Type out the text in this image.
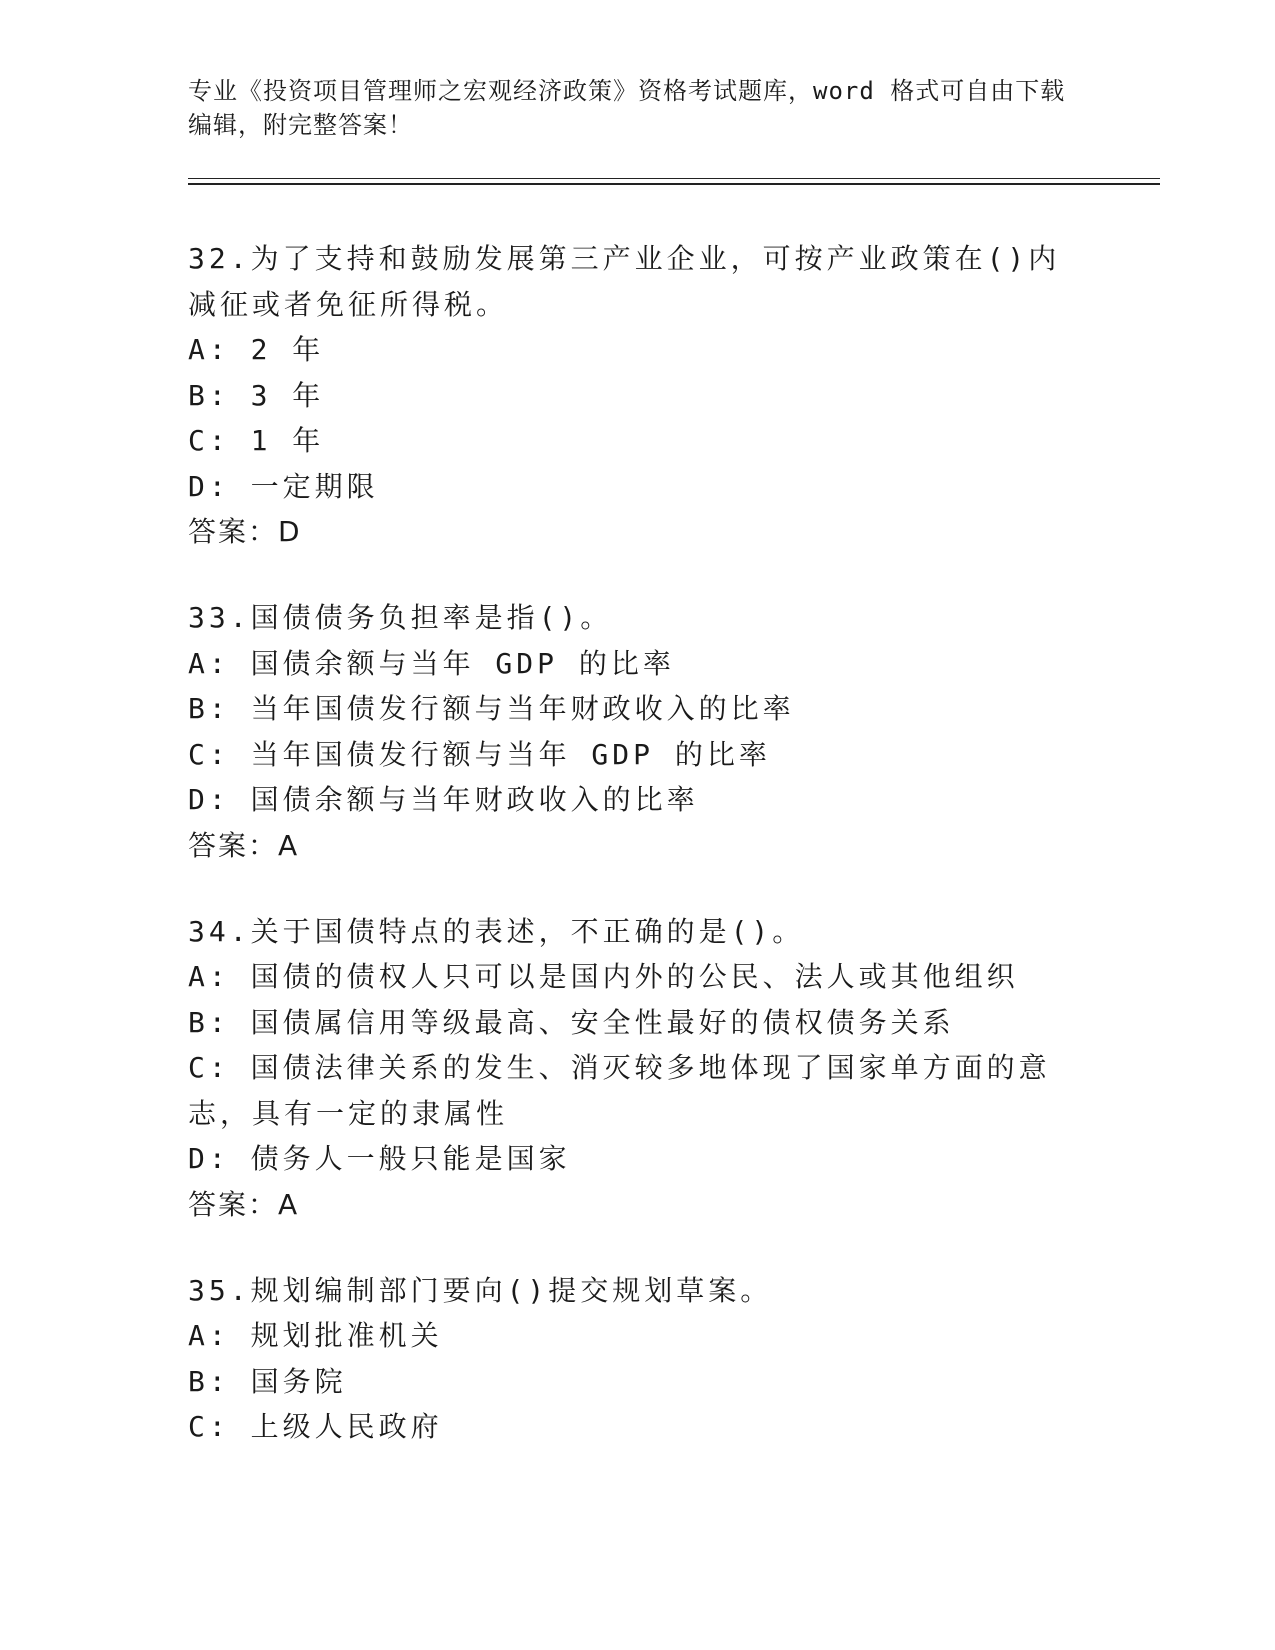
专业《投资项目管理师之宏观经济政策》资格考试题库，word 格式可自由下载编辑，附完整答案！
32.为了支持和鼓励发展第三产业企业，可按产业政策在()内减征或者免征所得税。
A: 2 年
B: 3 年
C: 1 年
D: 一定期限
答案：D
33.国债债务负担率是指()。
A: 国债余额与当年 GDP 的比率
B: 当年国债发行额与当年财政收入的比率
C: 当年国债发行额与当年 GDP 的比率
D: 国债余额与当年财政收入的比率
答案：A
34.关于国债特点的表述，不正确的是()。
A: 国债的债权人只可以是国内外的公民、法人或其他组织
B: 国债属信用等级最高、安全性最好的债权债务关系
C: 国债法律关系的发生、消灭较多地体现了国家单方面的意志，具有一定的隶属性
D: 债务人一般只能是国家
答案：A
35.规划编制部门要向()提交规划草案。
A: 规划批准机关
B: 国务院
C: 上级人民政府
